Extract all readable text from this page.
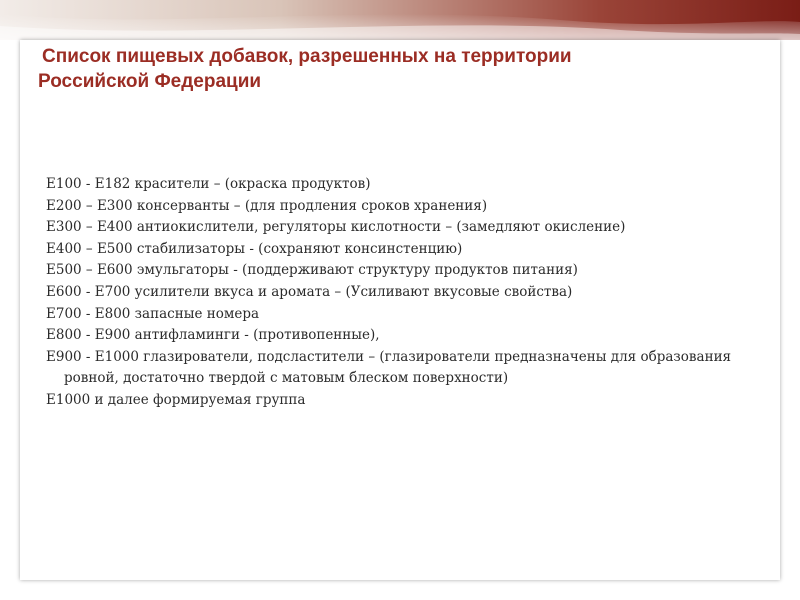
Список пищевых добавок, разрешенных на территории
Российской Федерации
Е100 - Е182 красители – (окраска продуктов)
Е200 – Е300 консерванты – (для продления сроков хранения)
Е300 – Е400 антиокислители, регуляторы кислотности – (замедляют окисление)
Е400 – Е500 стабилизаторы - (сохраняют консинстенцию)
Е500 – Е600 эмульгаторы - (поддерживают структуру продуктов питания)
Е600 - Е700 усилители вкуса и аромата – (Усиливают вкусовые свойства)
Е700 - Е800 запасные номера
Е800 - Е900 антифламинги - (противопенные),
Е900 - Е1000 глазирователи, подсластители – (глазирователи предназначены для образования ровной, достаточно твердой с матовым блеском поверхности)
Е1000 и далее формируемая группа
